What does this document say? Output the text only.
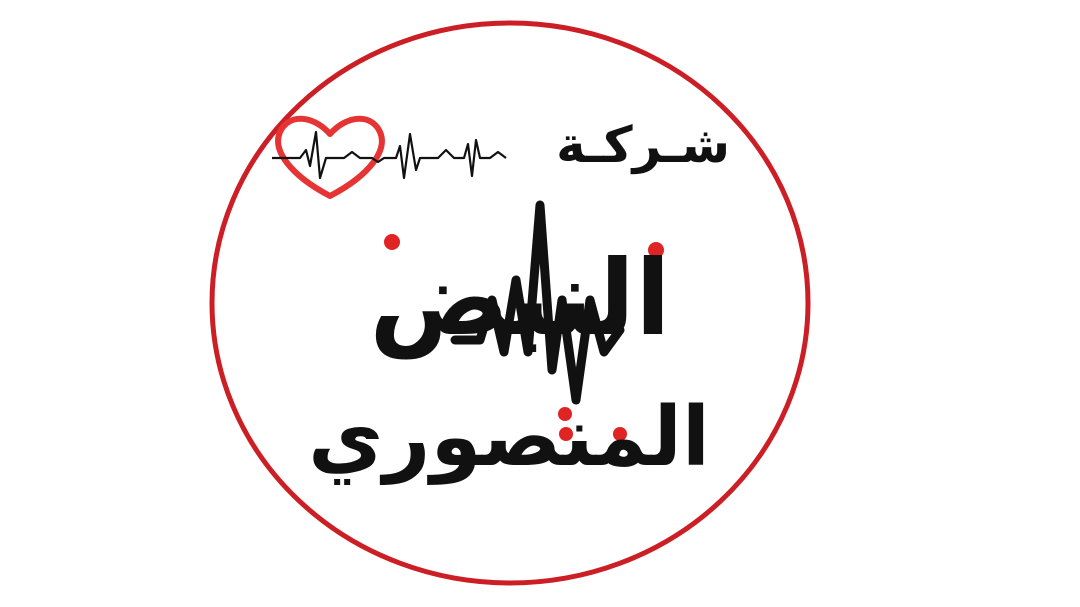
شـركـة
النبض
المنصوري
